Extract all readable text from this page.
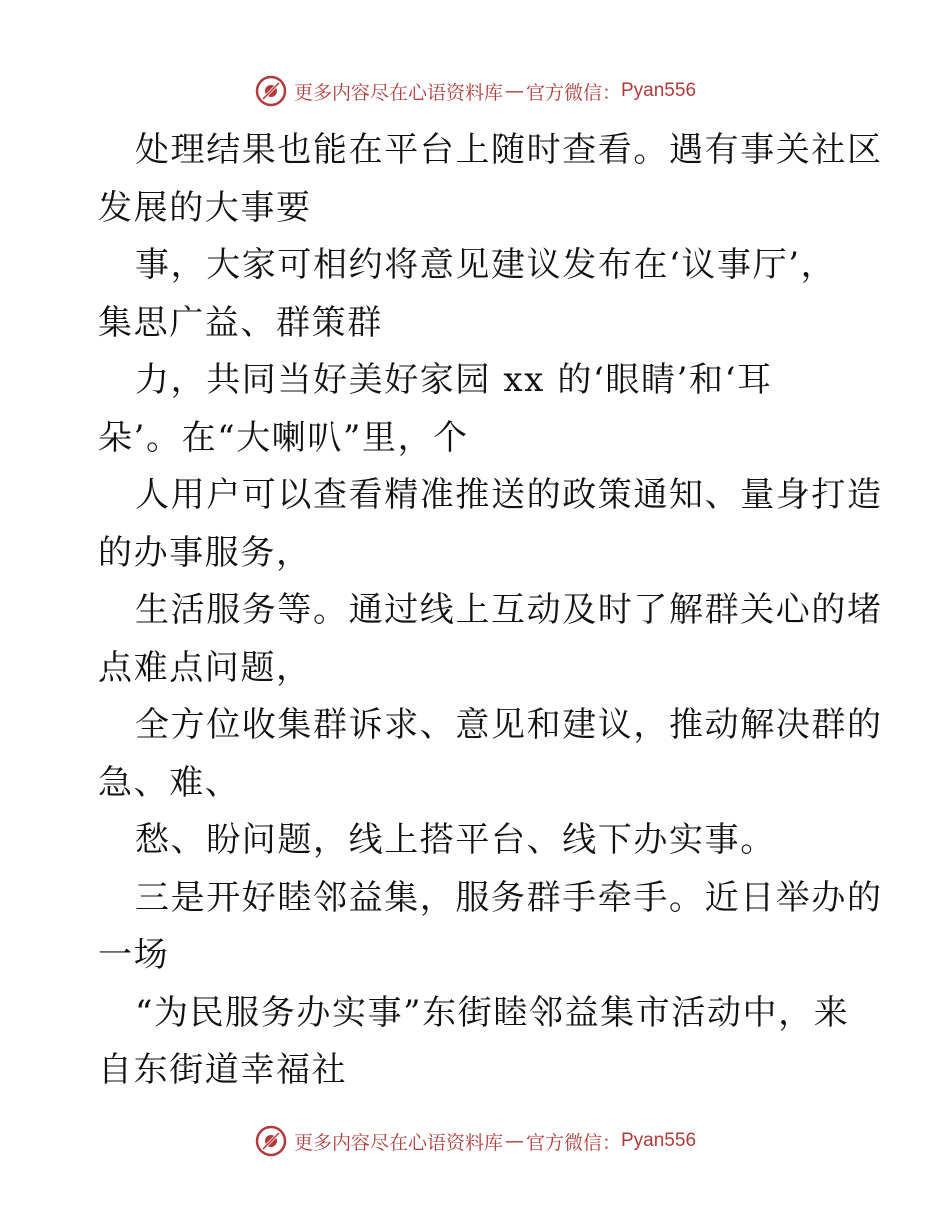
更多内容尽在心语资料库 — 官方微信： Pyan556
处理结果也能在平台上随时查看。遇有事关社区
发展的大事要
事，大家可相约将意见建议发布在‘议事厅’，
集思广益、群策群
力，共同当好美好家园 xx 的‘眼睛’和‘耳
朵’。在“大喇叭”里，个
人用户可以查看精准推送的政策通知、量身打造
的办事服务，
生活服务等。通过线上互动及时了解群关心的堵
点难点问题，
全方位收集群诉求、意见和建议，推动解决群的
急、难、
愁、盼问题，线上搭平台、线下办实事。
三是开好睦邻益集，服务群手牵手。近日举办的
一场
“为民服务办实事”东街睦邻益集市活动中，来
自东街道幸福社
更多内容尽在心语资料库 — 官方微信： Pyan556
